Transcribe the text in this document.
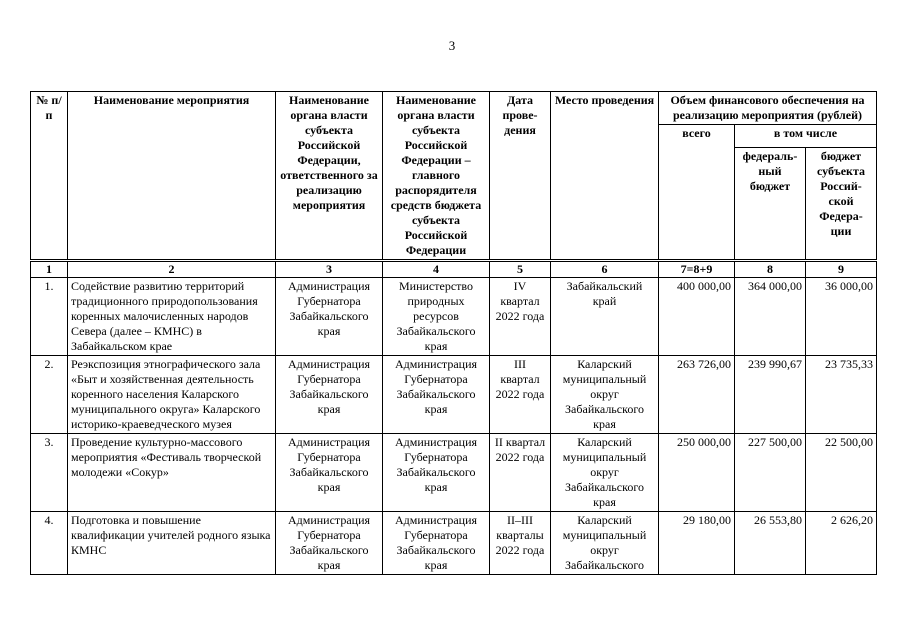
3
№ п/п	Наименование мероприятия	Наименование органа власти субъекта Российской Федерации, ответственного за реализацию мероприятия	Наименование органа власти субъекта Российской Федерации – главного распорядителя средств бюджета субъекта Российской Федерации	Дата прове-дения	Место проведения	Объем финансового обеспечения на реализацию мероприятия (рублей)		
						всего	в том числе	
							федераль-ный бюджет	бюджет субъекта Россий-ской Федера-ции
1	2	3	4	5	6	7=8+9	8	9
1.	Содействие развитию территорий традиционного природопользования коренных малочисленных народов Севера (далее – КМНС) в Забайкальском крае	Администрация Губернатора Забайкальского края	Министерство природных ресурсов Забайкальского края	IV квартал 2022 года	Забайкальский край	400 000,00	364 000,00	36 000,00
2.	Реэкспозиция этнографического зала «Быт и хозяйственная деятельность коренного населения Каларского муниципального округа» Каларского историко-краеведческого музея	Администрация Губернатора Забайкальского края	Администрация Губернатора Забайкальского края	III квартал 2022 года	Каларский муниципальный округ Забайкальского края	263 726,00	239 990,67	23 735,33
3.	Проведение культурно-массового мероприятия «Фестиваль творческой молодежи «Сокур»	Администрация Губернатора Забайкальского края	Администрация Губернатора Забайкальского края	II квартал 2022 года	Каларский муниципальный округ Забайкальского края	250 000,00	227 500,00	22 500,00
4.	Подготовка и повышение квалификации учителей родного языка КМНС	Администрация Губернатора Забайкальского края	Администрация Губернатора Забайкальского края	II–III кварталы 2022 года	Каларский муниципальный округ Забайкальского	29 180,00	26 553,80	2 626,20
